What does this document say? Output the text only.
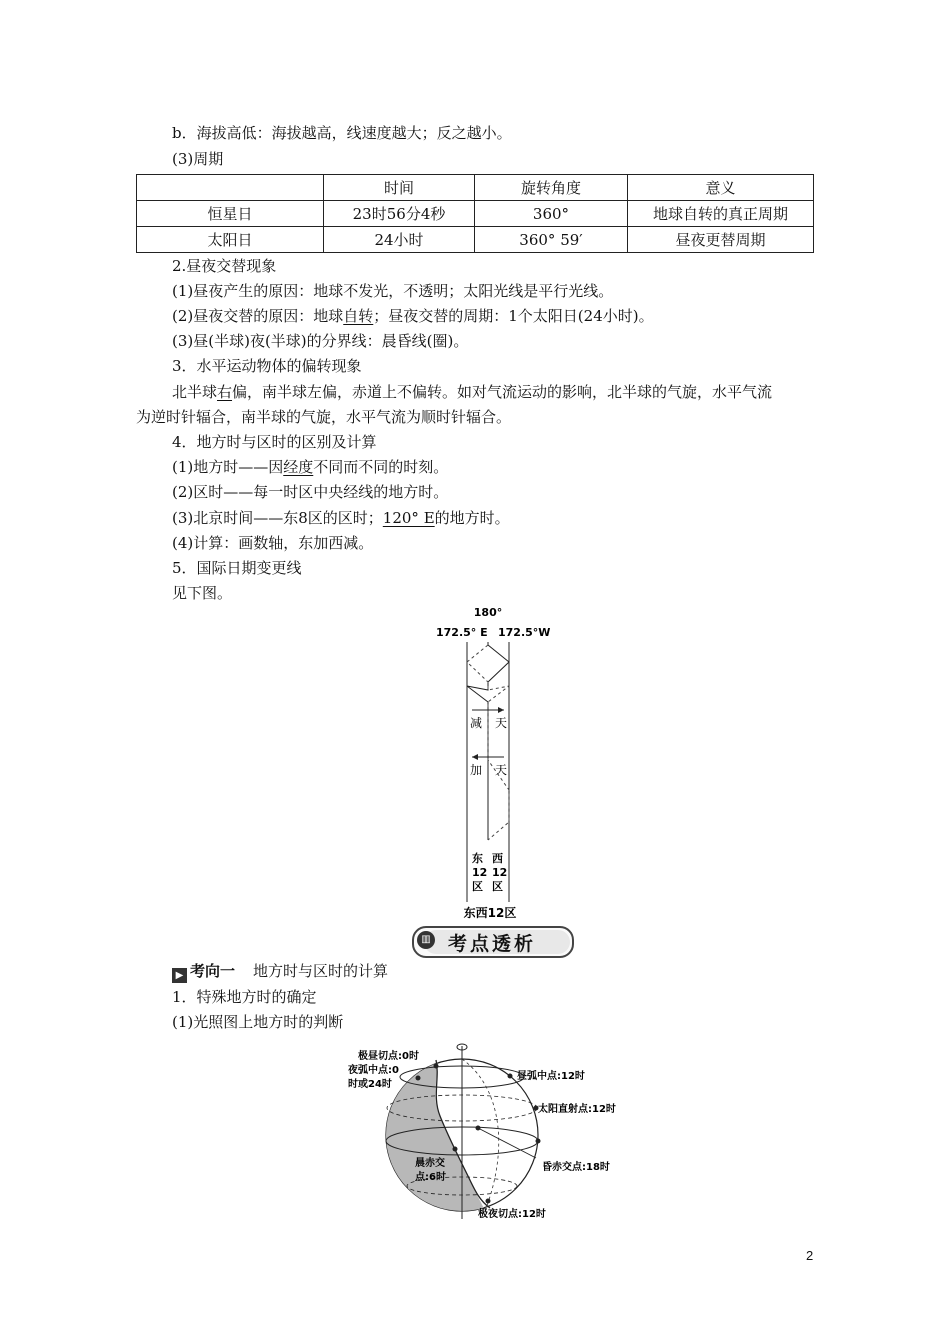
b．海拔高低：海拔越高，线速度越大；反之越小。
(3)周期
	时间	旋转角度	意义
恒星日	23时56分4秒	360°	地球自转的真正周期
太阳日	24小时	360° 59′	昼夜更替周期
2.昼夜交替现象
(1)昼夜产生的原因：地球不发光，不透明；太阳光线是平行光线。
(2)昼夜交替的原因：地球自转；昼夜交替的周期：1个太阳日(24小时)。
(3)昼(半球)夜(半球)的分界线：晨昏线(圈)。
3．水平运动物体的偏转现象
北半球右偏，南半球左偏，赤道上不偏转。如对气流运动的影响，北半球的气旋，水平气流
为逆时针辐合，南半球的气旋，水平气流为顺时针辐合。
4．地方时与区时的区别及计算
(1)地方时——因经度不同而不同的时刻。
(2)区时——每一时区中央经线的地方时。
(3)北京时间——东8区的区时；120° E的地方时。
(4)计算：画数轴，东加西减。
5．国际日期变更线
见下图。
180°
172.5° E 172.5°W
减 天
加 天
东
12
区
西
12
区
东西12区
▥ 考点透析
▶ 考向一 地方时与区时的计算
1．特殊地方时的确定
(1)光照图上地方时的判断
极昼切点:0时
夜弧中点:0
时或24时
昼弧中点:12时
太阳直射点:12时
晨赤交
点:6时
昏赤交点:18时
极夜切点:12时
2
